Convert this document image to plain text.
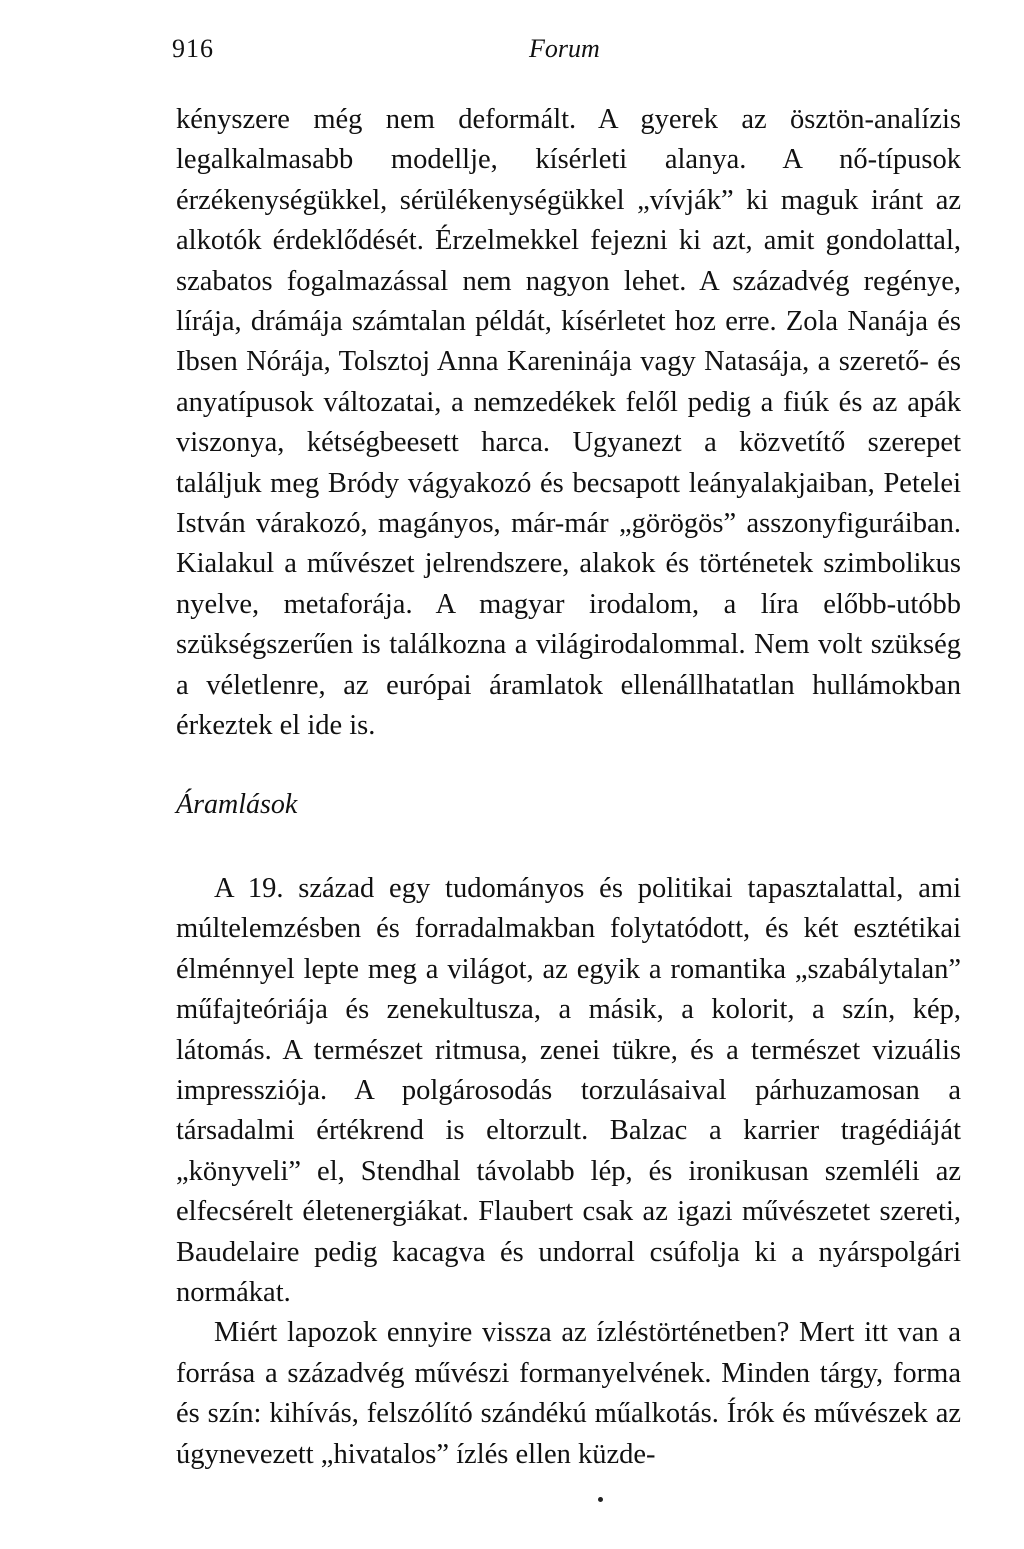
916	Forum

kényszere még nem deformált. A gyerek az ösztön-analízis legalkalmasabb modellje, kísérleti alanya. A nő-típusok érzékenységükkel, sérülékenységükkel „vívják” ki maguk iránt az alkotók érdeklődését. Érzelmekkel fejezni ki azt, amit gondolattal, szabatos fogalmazással nem nagyon lehet. A századvég regénye, lírája, drámája számtalan példát, kísérletet hoz erre. Zola Nanája és Ibsen Nórája, Tolsztoj Anna Kareninája vagy Natasája, a szerető- és anyatípusok változatai, a nemzedékek felől pedig a fiúk és az apák viszonya, kétségbeesett harca. Ugyanezt a közvetítő szerepet találjuk meg Bródy vágyakozó és becsapott leányalakjaiban, Petelei István várakozó, magányos, már-már „görögös” asszonyfiguráiban. Kialakul a művészet jelrendszere, alakok és történetek szimbolikus nyelve, metaforája. A magyar irodalom, a líra előbb-utóbb szükségszerűen is találkozna a világirodalommal. Nem volt szükség a véletlenre, az európai áramlatok ellenállhatatlan hullámokban érkeztek el ide is.

Áramlások

A 19. század egy tudományos és politikai tapasztalattal, ami múltelemzésben és forradalmakban folytatódott, és két esztétikai élménnyel lepte meg a világot, az egyik a romantika „szabálytalan” műfajteóriája és zenekultusza, a másik, a kolorit, a szín, kép, látomás. A természet ritmusa, zenei tükre, és a természet vizuális impressziója. A polgárosodás torzulásaival párhuzamosan a társadalmi értékrend is eltorzult. Balzac a karrier tragédiáját „könyveli” el, Stendhal távolabb lép, és ironikusan szemléli az elfecsérelt életenergiákat. Flaubert csak az igazi művészetet szereti, Baudelaire pedig kacagva és undorral csúfolja ki a nyárspolgári normákat.

Miért lapozok ennyire vissza az ízléstörténetben? Mert itt van a forrása a századvég művészi formanyelvének. Minden tárgy, forma és szín: kihívás, felszólító szándékú műalkotás. Írók és művészek az úgynevezett „hivatalos” ízlés ellen küzde-
